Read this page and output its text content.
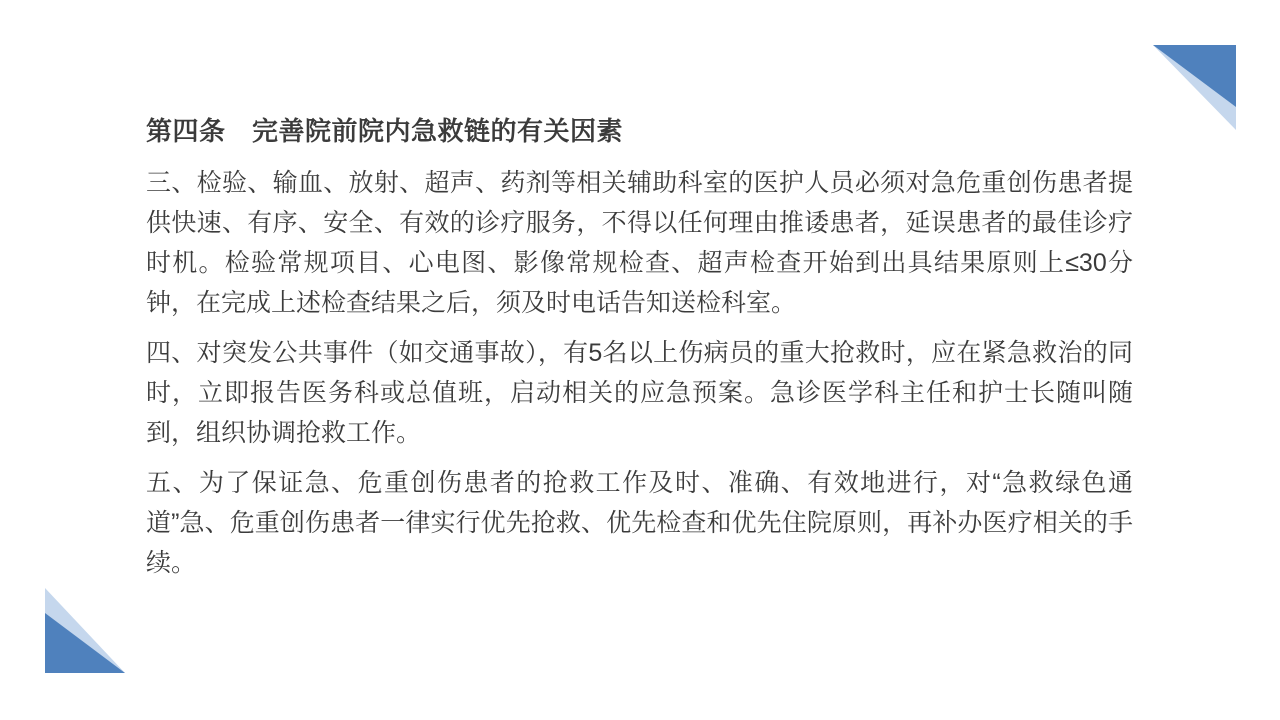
第四条　完善院前院内急救链的有关因素
三、检验、输血、放射、超声、药剂等相关辅助科室的医护人员必须对急危重创伤患者提供快速、有序、安全、有效的诊疗服务，不得以任何理由推诿患者，延误患者的最佳诊疗时机。检验常规项目、心电图、影像常规检查、超声检查开始到出具结果原则上≤30分钟，在完成上述检查结果之后，须及时电话告知送检科室。
四、对突发公共事件（如交通事故），有5名以上伤病员的重大抢救时，应在紧急救治的同时，立即报告医务科或总值班，启动相关的应急预案。急诊医学科主任和护士长随叫随到，组织协调抢救工作。
五、为了保证急、危重创伤患者的抢救工作及时、准确、有效地进行，对“急救绿色通道”急、危重创伤患者一律实行优先抢救、优先检查和优先住院原则，再补办医疗相关的手续。
